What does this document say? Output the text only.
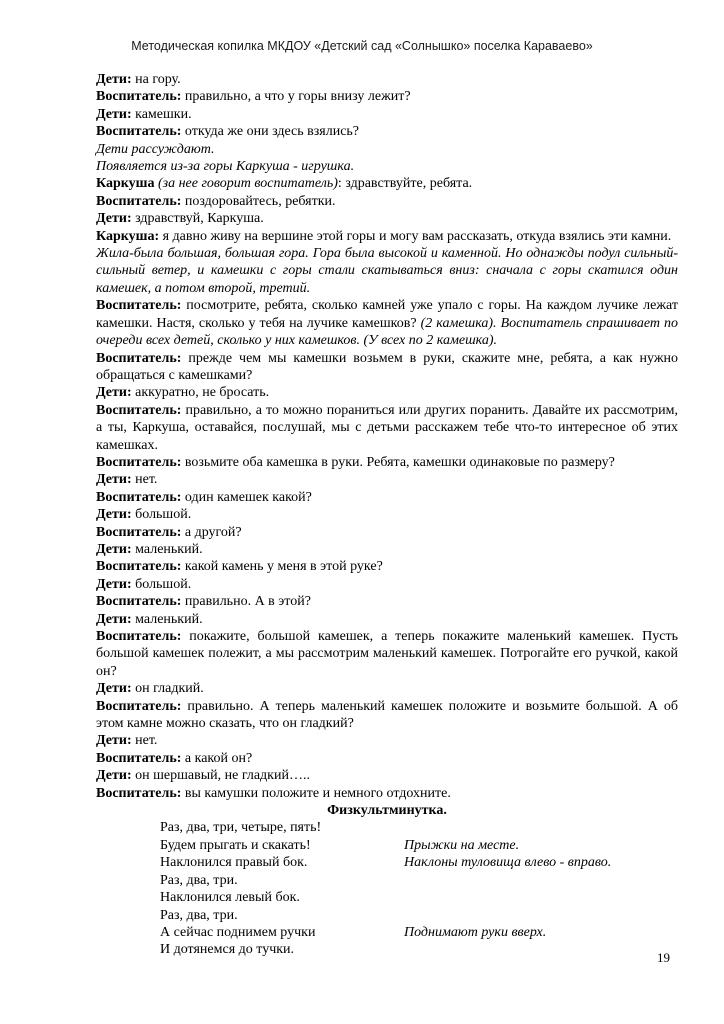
Методическая копилка МКДОУ «Детский сад «Солнышко» поселка Караваево»

Дети: на гору.

Воспитатель: правильно, а что у горы внизу лежит?

Дети: камешки.

Воспитатель: откуда же они здесь взялись?

Дети рассуждают.

Появляется из-за горы Каркуша - игрушка.

Каркуша (за нее говорит воспитатель): здравствуйте, ребята.

Воспитатель: поздоровайтесь, ребятки.

Дети: здравствуй, Каркуша.

Каркуша: я давно живу на вершине этой горы и могу вам рассказать, откуда взялись эти камни.

Жила-была большая, большая гора. Гора была высокой и каменной. Но однажды подул сильный-сильный ветер, и камешки с горы стали скатываться вниз: сначала с горы скатился один камешек, а потом второй, третий.

Воспитатель: посмотрите, ребята, сколько камней уже упало с горы. На каждом лучике лежат камешки. Настя, сколько у тебя на лучике камешков? (2 камешка). Воспитатель спрашивает по очереди всех детей, сколько у них камешков. (У всех по 2 камешка).

Воспитатель: прежде чем мы камешки возьмем в руки, скажите мне, ребята, а как нужно обращаться с камешками?

Дети: аккуратно, не бросать.

Воспитатель: правильно, а то можно пораниться или других поранить. Давайте их рассмотрим, а ты, Каркуша, оставайся, послушай, мы с детьми расскажем тебе что-то интересное об этих камешках.

Воспитатель: возьмите оба камешка в руки. Ребята, камешки одинаковые по размеру?

Дети: нет.

Воспитатель: один камешек какой?

Дети: большой.

Воспитатель: а другой?

Дети: маленький.

Воспитатель: какой камень у меня в этой руке?

Дети: большой.

Воспитатель: правильно. А в этой?

Дети: маленький.

Воспитатель: покажите, большой камешек, а теперь покажите маленький камешек. Пусть большой камешек полежит, а мы рассмотрим маленький камешек. Потрогайте его ручкой, какой он?

Дети: он гладкий.

Воспитатель: правильно. А теперь маленький камешек положите и возьмите большой. А об этом камне можно сказать, что он гладкий?

Дети: нет.

Воспитатель: а какой он?

Дети: он шершавый, не гладкий…..

Воспитатель: вы камушки положите и немного отдохните.

Физкультминутка.

Раз, два, три, четыре, пять!
Будем прыгать и скакать!	Прыжки на месте.
Наклонился правый бок.	Наклоны туловища влево - вправо.
Раз, два, три.
Наклонился левый бок.
Раз, два, три.
А сейчас поднимем ручки	Поднимают руки вверх.
И дотянемся до тучки.
19
